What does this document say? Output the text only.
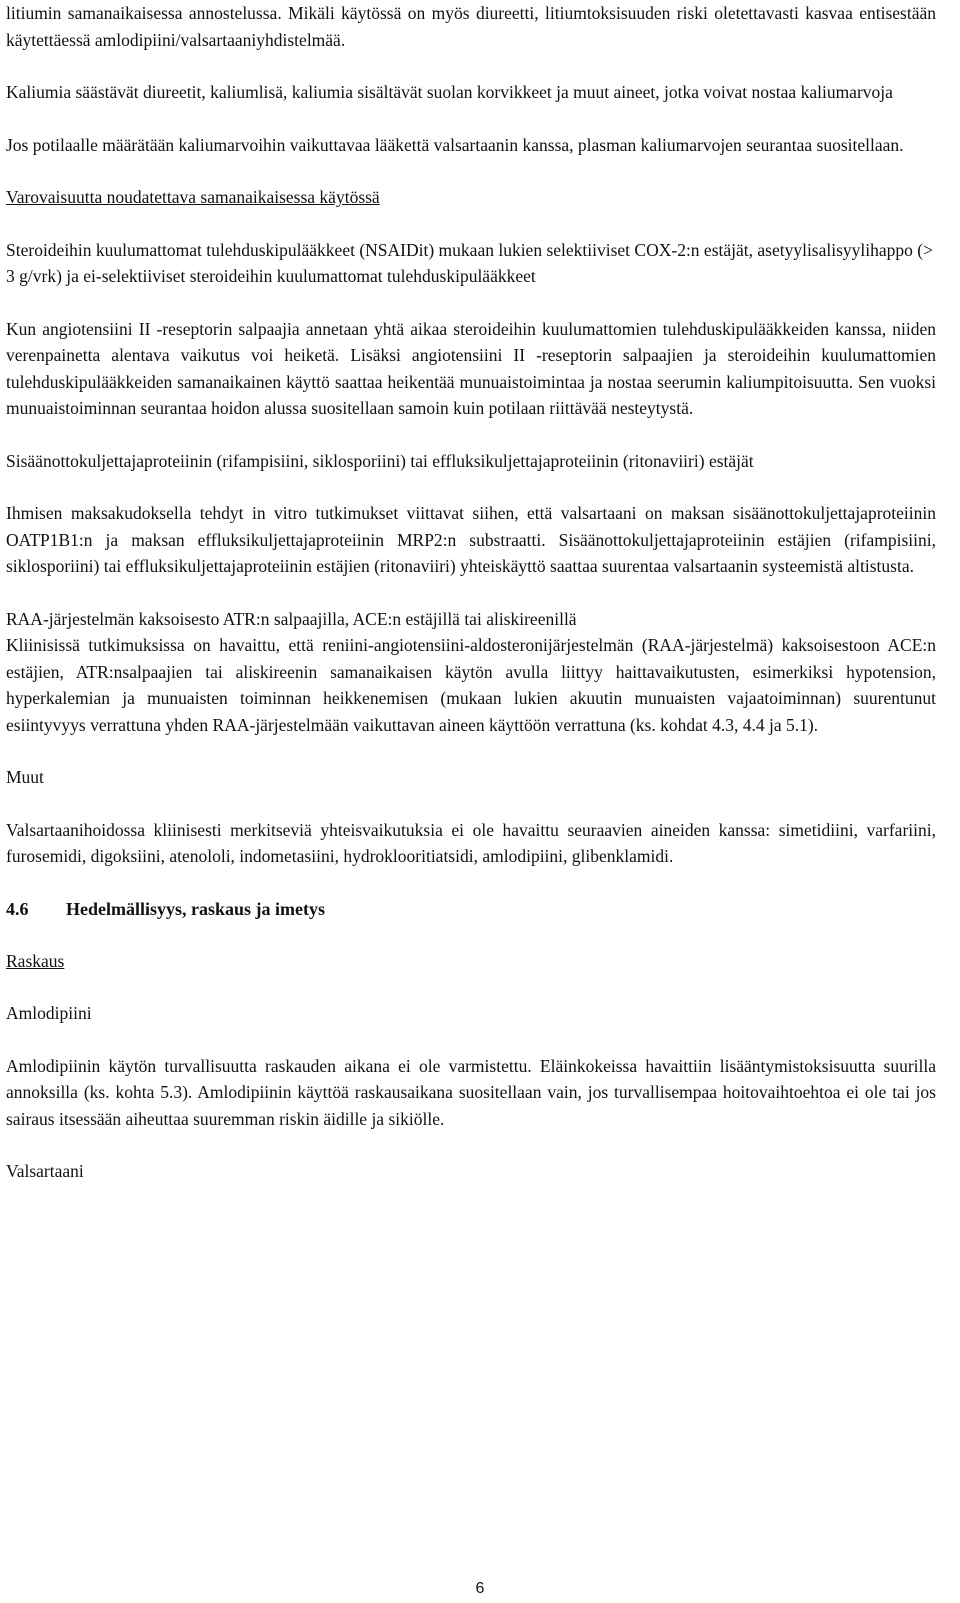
litiumin samanaikaisessa annostelussa. Mikäli käytössä on myös diureetti, litiumtoksisuuden riski oletettavasti kasvaa entisestään käytettäessä amlodipiini/valsartaaniyhdistelmää.

Kaliumia säästävät diureetit, kaliumlisä, kaliumia sisältävät suolan korvikkeet ja muut aineet, jotka voivat nostaa kaliumarvoja

Jos potilaalle määrätään kaliumarvoihin vaikuttavaa lääkettä valsartaanin kanssa, plasman kaliumarvojen seurantaa suositellaan.

Varovaisuutta noudatettava samanaikaisessa käytössä

Steroideihin kuulumattomat tulehduskipulääkkeet (NSAIDit) mukaan lukien selektiiviset COX-2:n estäjät, asetyylisalisyylihappo (> 3 g/vrk) ja ei-selektiiviset steroideihin kuulumattomat tulehduskipulääkkeet

Kun angiotensiini II -reseptorin salpaajia annetaan yhtä aikaa steroideihin kuulumattomien tulehduskipulääkkeiden kanssa, niiden verenpainetta alentava vaikutus voi heiketä. Lisäksi angiotensiini II -reseptorin salpaajien ja steroideihin kuulumattomien tulehduskipulääkkeiden samanaikainen käyttö saattaa heikentää munuaistoimintaa ja nostaa seerumin kaliumpitoisuutta. Sen vuoksi munuaistoiminnan seurantaa hoidon alussa suositellaan samoin kuin potilaan riittävää nesteytystä.

Sisäänottokuljettajaproteiinin (rifampisiini, siklosporiini) tai effluksikuljettajaproteiinin (ritonaviiri) estäjät

Ihmisen maksakudoksella tehdyt in vitro tutkimukset viittavat siihen, että valsartaani on maksan sisäänottokuljettajaproteiinin OATP1B1:n ja maksan effluksikuljettajaproteiinin MRP2:n substraatti. Sisäänottokuljettajaproteiinin estäjien (rifampisiini, siklosporiini) tai effluksikuljettajaproteiinin estäjien (ritonaviiri) yhteiskäyttö saattaa suurentaa valsartaanin systeemistä altistusta.

RAA-järjestelmän kaksoisesto ATR:n salpaajilla, ACE:n estäjillä tai aliskireenillä

Kliinisissä tutkimuksissa on havaittu, että reniini-angiotensiini-aldosteronijärjestelmän (RAA-järjestelmä) kaksoisestoon ACE:n estäjien, ATR:nsalpaajien tai aliskireenin samanaikaisen käytön avulla liittyy haittavaikutusten, esimerkiksi hypotension, hyperkalemian ja munuaisten toiminnan heikkenemisen (mukaan lukien akuutin munuaisten vajaatoiminnan) suurentunut esiintyvyys verrattuna yhden RAA-järjestelmään vaikuttavan aineen käyttöön verrattuna (ks. kohdat 4.3, 4.4 ja 5.1).

Muut

Valsartaanihoidossa kliinisesti merkitseviä yhteisvaikutuksia ei ole havaittu seuraavien aineiden kanssa: simetidiini, varfariini, furosemidi, digoksiini, atenololi, indometasiini, hydroklooritiatsidi, amlodipiini, glibenklamidi.

4.6 Hedelmällisyys, raskaus ja imetys

Raskaus

Amlodipiini

Amlodipiinin käytön turvallisuutta raskauden aikana ei ole varmistettu. Eläinkokeissa havaittiin lisääntymistoksisuutta suurilla annoksilla (ks. kohta 5.3). Amlodipiinin käyttöä raskausaikana suositellaan vain, jos turvallisempaa hoitovaihtoehtoa ei ole tai jos sairaus itsessään aiheuttaa suuremman riskin äidille ja sikiölle.

Valsartaani

6
